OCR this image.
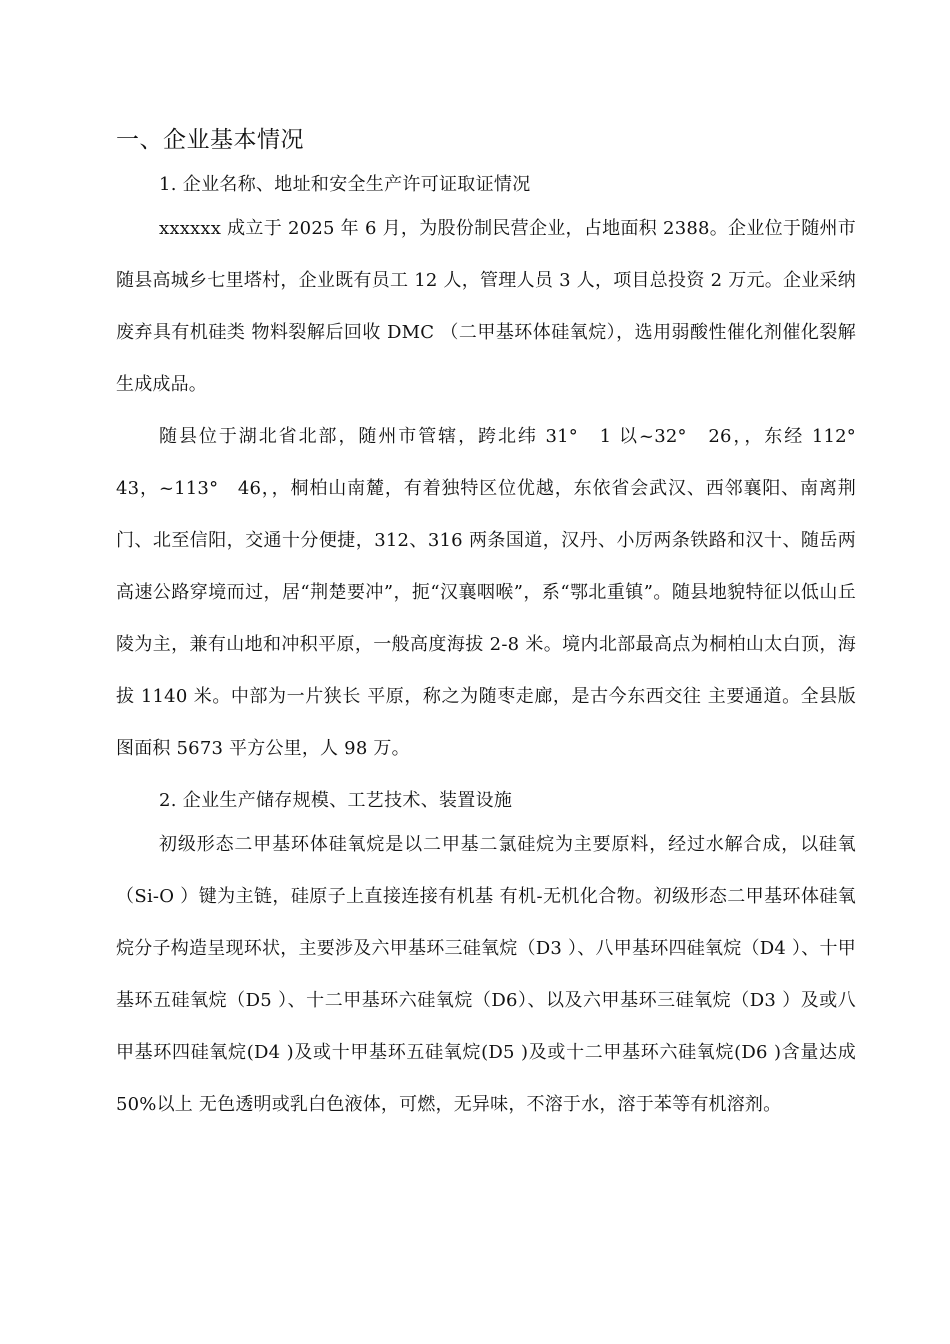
一、企业基本情况
1. 企业名称、地址和安全生产许可证取证情况

xxxxxx 成立于 2025 年 6 月，为股份制民营企业，占地面积 2388。企业位于随州市随县高城乡七里塔村，企业既有员工 12 人，管理人员 3 人，项目总投资 2 万元。企业采纳废弃具有机硅类 物料裂解后回收 DMC （二甲基环体硅氧烷），选用弱酸性催化剂催化裂解生成成品。

随县位于湖北省北部，随州市管辖，跨北纬 31°　1 以~32°　26，，东经 112°　43，~113°　46，，桐柏山南麓，有着独特区位优越，东依省会武汉、西邻襄阳、南离荆门、北至信阳，交通十分便捷，312、316 两条国道，汉丹、小厉两条铁路和汉十、随岳两高速公路穿境而过，居“荆楚要冲”，扼“汉襄咽喉”，系“鄂北重镇”。随县地貌特征以低山丘陵为主，兼有山地和冲积平原，一般高度海拔 2-8 米。境内北部最高点为桐柏山太白顶，海拔 1140 米。中部为一片狭长 平原，称之为随枣走廊，是古今东西交往 主要通道。全县版图面积 5673 平方公里，人 98 万。

2. 企业生产储存规模、工艺技术、装置设施

初级形态二甲基环体硅氧烷是以二甲基二氯硅烷为主要原料，经过水解合成，以硅氧（Si-O ）键为主链，硅原子上直接连接有机基 有机-无机化合物。初级形态二甲基环体硅氧烷分子构造呈现环状，主要涉及六甲基环三硅氧烷（D3 ）、八甲基环四硅氧烷（D4 ）、十甲基环五硅氧烷（D5 ）、十二甲基环六硅氧烷（D6）、以及六甲基环三硅氧烷（D3 ）及或八甲基环四硅氧烷(D4 )及或十甲基环五硅氧烷(D5 )及或十二甲基环六硅氧烷(D6 )含量达成 50%以上 无色透明或乳白色液体，可燃，无异味，不溶于水，溶于苯等有机溶剂。
